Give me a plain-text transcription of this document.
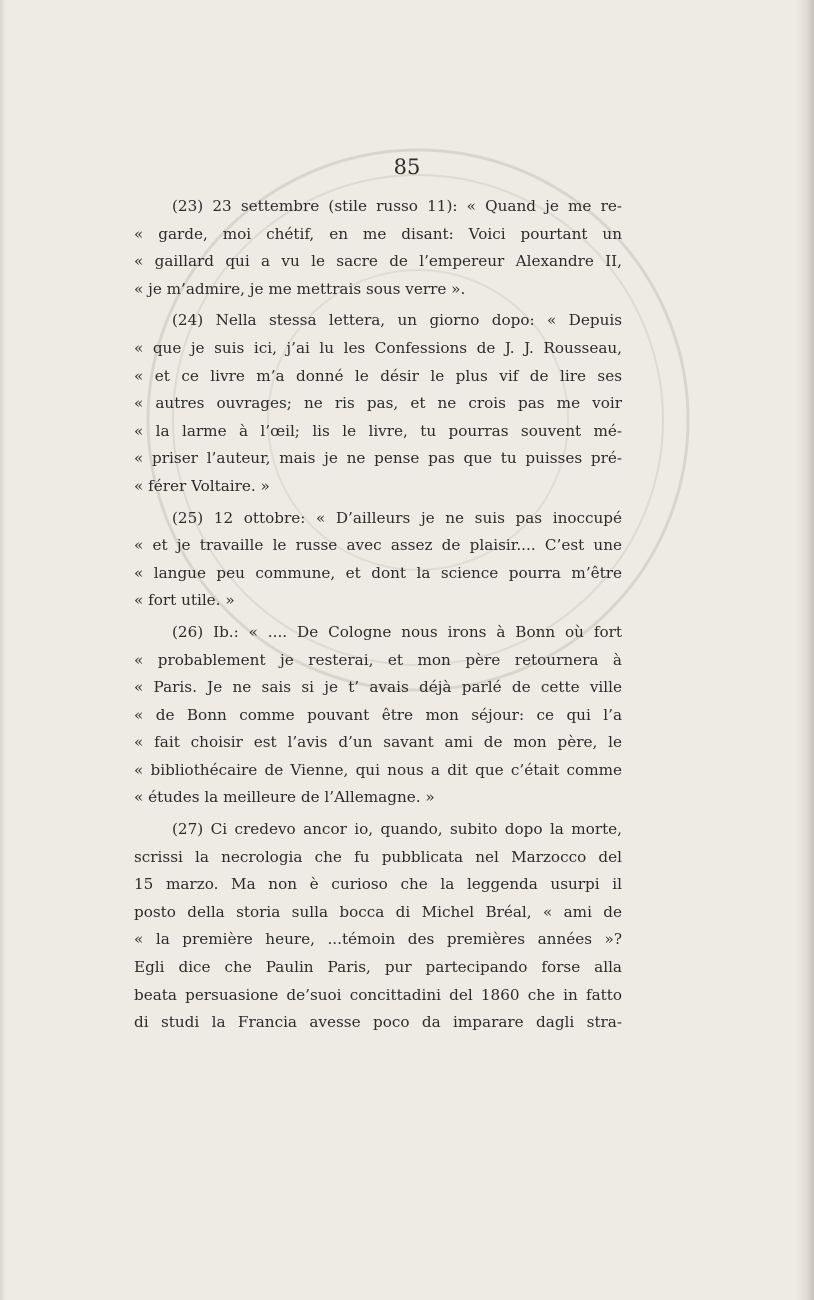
85
(23) 23 settembre (stile russo 11): « Quand je me re-
« garde, moi chétif, en me disant: Voici pourtant un
« gaillard qui a vu le sacre de l’empereur Alexandre II,
« je m’admire, je me mettrais sous verre ».
(24) Nella stessa lettera, un giorno dopo: « Depuis
« que je suis ici, j’ai lu les Confessions de J. J. Rousseau,
« et ce livre m’a donné le désir le plus vif de lire ses
« autres ouvrages; ne ris pas, et ne crois pas me voir
« la larme à l’œil; lis le livre, tu pourras souvent mé-
« priser l’auteur, mais je ne pense pas que tu puisses pré-
« férer Voltaire. »
(25) 12 ottobre: « D’ailleurs je ne suis pas inoccupé
« et je travaille le russe avec assez de plaisir.... C’est une
« langue peu commune, et dont la science pourra m’être
« fort utile. »
(26) Ib.: « .... De Cologne nous irons à Bonn où fort
« probablement je resterai, et mon père retournera à
« Paris. Je ne sais si je t’ avais déjà parlé de cette ville
« de Bonn comme pouvant être mon séjour: ce qui l’a
« fait choisir est l’avis d’un savant ami de mon père, le
« bibliothécaire de Vienne, qui nous a dit que c’était comme
« études la meilleure de l’Allemagne. »
(27) Ci credevo ancor io, quando, subito dopo la morte,
scrissi la necrologia che fu pubblicata nel Marzocco del
15 marzo. Ma non è curioso che la leggenda usurpi il
posto della storia sulla bocca di Michel Bréal, « ami de
« la première heure, ...témoin des premières années »?
Egli dice che Paulin Paris, pur partecipando forse alla
beata persuasione de’suoi concittadini del 1860 che in fatto
di studi la Francia avesse poco da imparare dagli stra-
